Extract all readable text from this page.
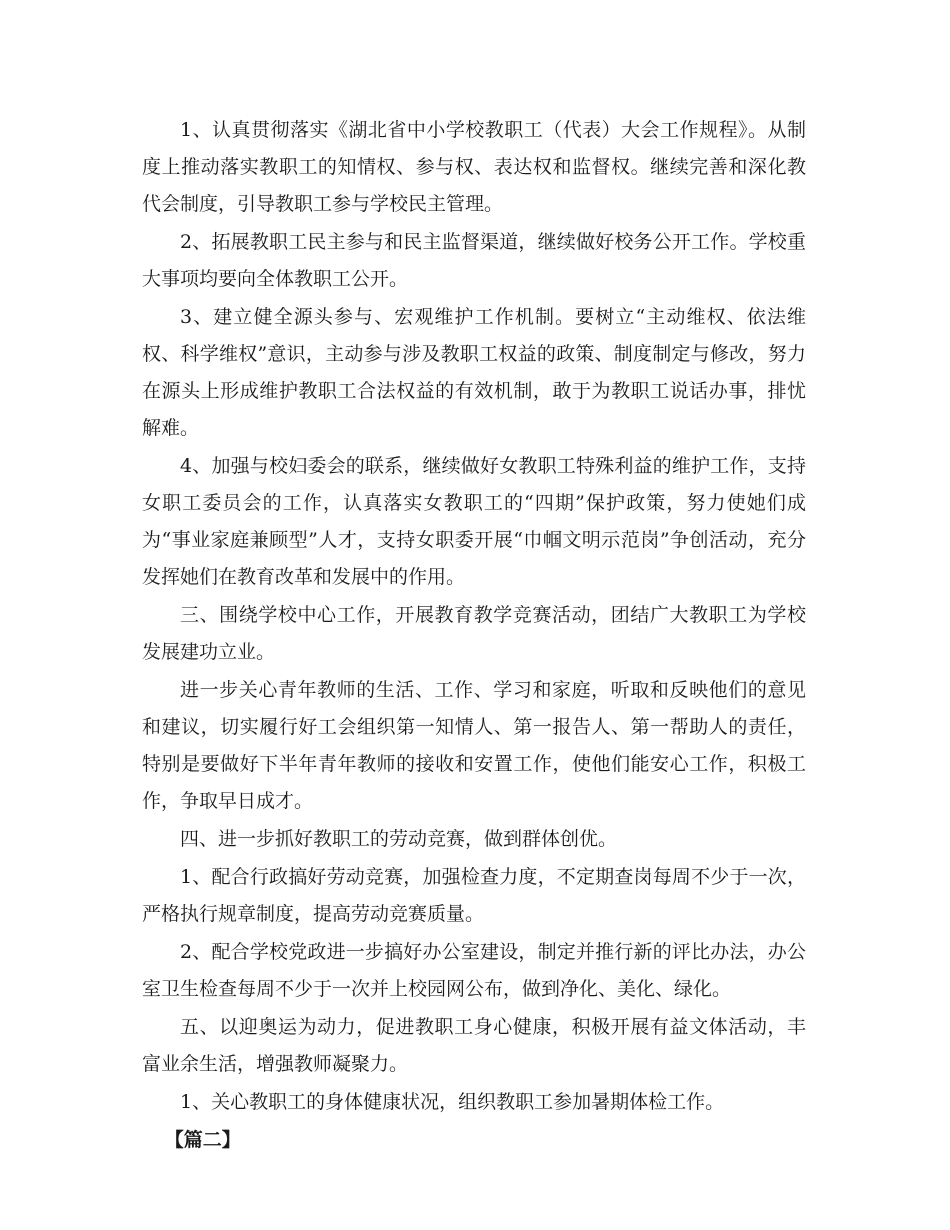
1、认真贯彻落实《湖北省中小学校教职工（代表）大会工作规程》。从制度上推动落实教职工的知情权、参与权、表达权和监督权。继续完善和深化教代会制度，引导教职工参与学校民主管理。

2、拓展教职工民主参与和民主监督渠道，继续做好校务公开工作。学校重大事项均要向全体教职工公开。

3、建立健全源头参与、宏观维护工作机制。要树立“主动维权、依法维权、科学维权”意识，主动参与涉及教职工权益的政策、制度制定与修改，努力在源头上形成维护教职工合法权益的有效机制，敢于为教职工说话办事，排忧解难。

4、加强与校妇委会的联系，继续做好女教职工特殊利益的维护工作，支持女职工委员会的工作，认真落实女教职工的“四期”保护政策，努力使她们成为“事业家庭兼顾型”人才，支持女职委开展“巾帼文明示范岗”争创活动，充分发挥她们在教育改革和发展中的作用。

三、围绕学校中心工作，开展教育教学竞赛活动，团结广大教职工为学校发展建功立业。

进一步关心青年教师的生活、工作、学习和家庭，听取和反映他们的意见和建议，切实履行好工会组织第一知情人、第一报告人、第一帮助人的责任，特别是要做好下半年青年教师的接收和安置工作，使他们能安心工作，积极工作，争取早日成才。

四、进一步抓好教职工的劳动竞赛，做到群体创优。

1、配合行政搞好劳动竞赛，加强检查力度，不定期查岗每周不少于一次，严格执行规章制度，提高劳动竞赛质量。

2、配合学校党政进一步搞好办公室建设，制定并推行新的评比办法，办公室卫生检查每周不少于一次并上校园网公布，做到净化、美化、绿化。

五、以迎奥运为动力，促进教职工身心健康，积极开展有益文体活动，丰富业余生活，增强教师凝聚力。

1、关心教职工的身体健康状况，组织教职工参加暑期体检工作。

【篇二】
